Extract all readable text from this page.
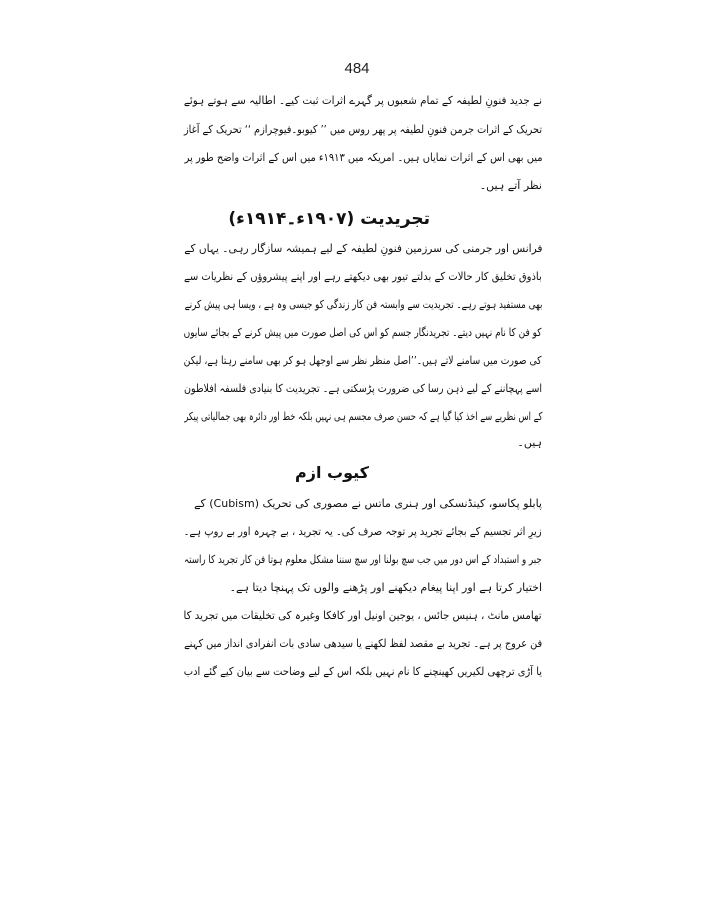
484
نے جدید فنونِ لطیفہ کے تمام شعبوں پر گہرے اثرات ثبت کیے۔ اطالیہ سے ہوتے ہوئے
تحریک کے اثرات جرمن فنونِ لطیفہ پر پھر روس میں ’’ کیوبو۔فیوچرازم ‘‘ تحریک کے آغاز
میں بھی اس کے اثرات نمایاں ہیں۔ امریکہ میں ۱۹۱۳ء میں اس کے اثرات واضح طور پر
نظر آتے ہیں۔
تجریدیت (۱۹۰۷ء۔۱۹۱۴ء)
فرانس اور جرمنی کی سرزمین فنونِ لطیفہ کے لیے ہمیشہ سازگار رہی۔ یہاں کے
باذوق تخلیق کار حالات کے بدلتے تیور بھی دیکھتے رہے اور اپنے پیشروؤں کے نظریات سے
بھی مستفید ہوتے رہے۔ تجریدیت سے وابستہ فن کار زندگی کو جیسی وہ ہے ، ویسا ہی پیش کرنے
کو فن کا نام نہیں دیتے۔ تجریدنگار جسم کو اس کی اصل صورت میں پیش کرنے کے بجائے سایوں
کی صورت میں سامنے لاتے ہیں۔’’اصل منظر نظر سے اوجھل ہو کر بھی سامنے رہتا ہے، لیکن
اسے پہچاننے کے لیے ذہن رسا کی ضرورت پڑسکتی ہے۔ تجریدیت کا بنیادی فلسفہ افلاطون
کے اس نظریے سے اخذ کیا گیا ہے کہ حسن صرف مجسم ہی نہیں بلکہ خط اور دائرہ بھی جمالیاتی پیکر
ہیں۔
کیوب ازم
پابلو پکاسو، کینڈنسکی اور ہنری ماتس نے مصوری کی تحریک (Cubism) کے
زیرِ اثر تجسیم کے بجائے تجرید پر توجہ صرف کی۔ یہ تجرید ، بے چہرہ اور بے روپ ہے۔
جبر و استبداد کے اس دور میں جب سچ بولنا اور سچ سننا مشکل معلوم ہوتا فن کار تجرید کا راستہ
اختیار کرتا ہے اور اپنا پیغام دیکھنے اور پڑھنے والوں تک پہنچا دیتا ہے۔
تھامس مانٹ ، ہنیس جائس ، یوجین اونیل اور کافکا وغیرہ کی تخلیقات میں تجرید کا
فن عروج پر ہے۔ تجرید بے مقصد لفظ لکھنے یا سیدھی سادی بات انفرادی انداز میں کہنے
یا آڑی ترچھی لکیریں کھینچنے کا نام نہیں بلکہ اس کے لیے وضاحت سے بیان کیے گئے ادب
